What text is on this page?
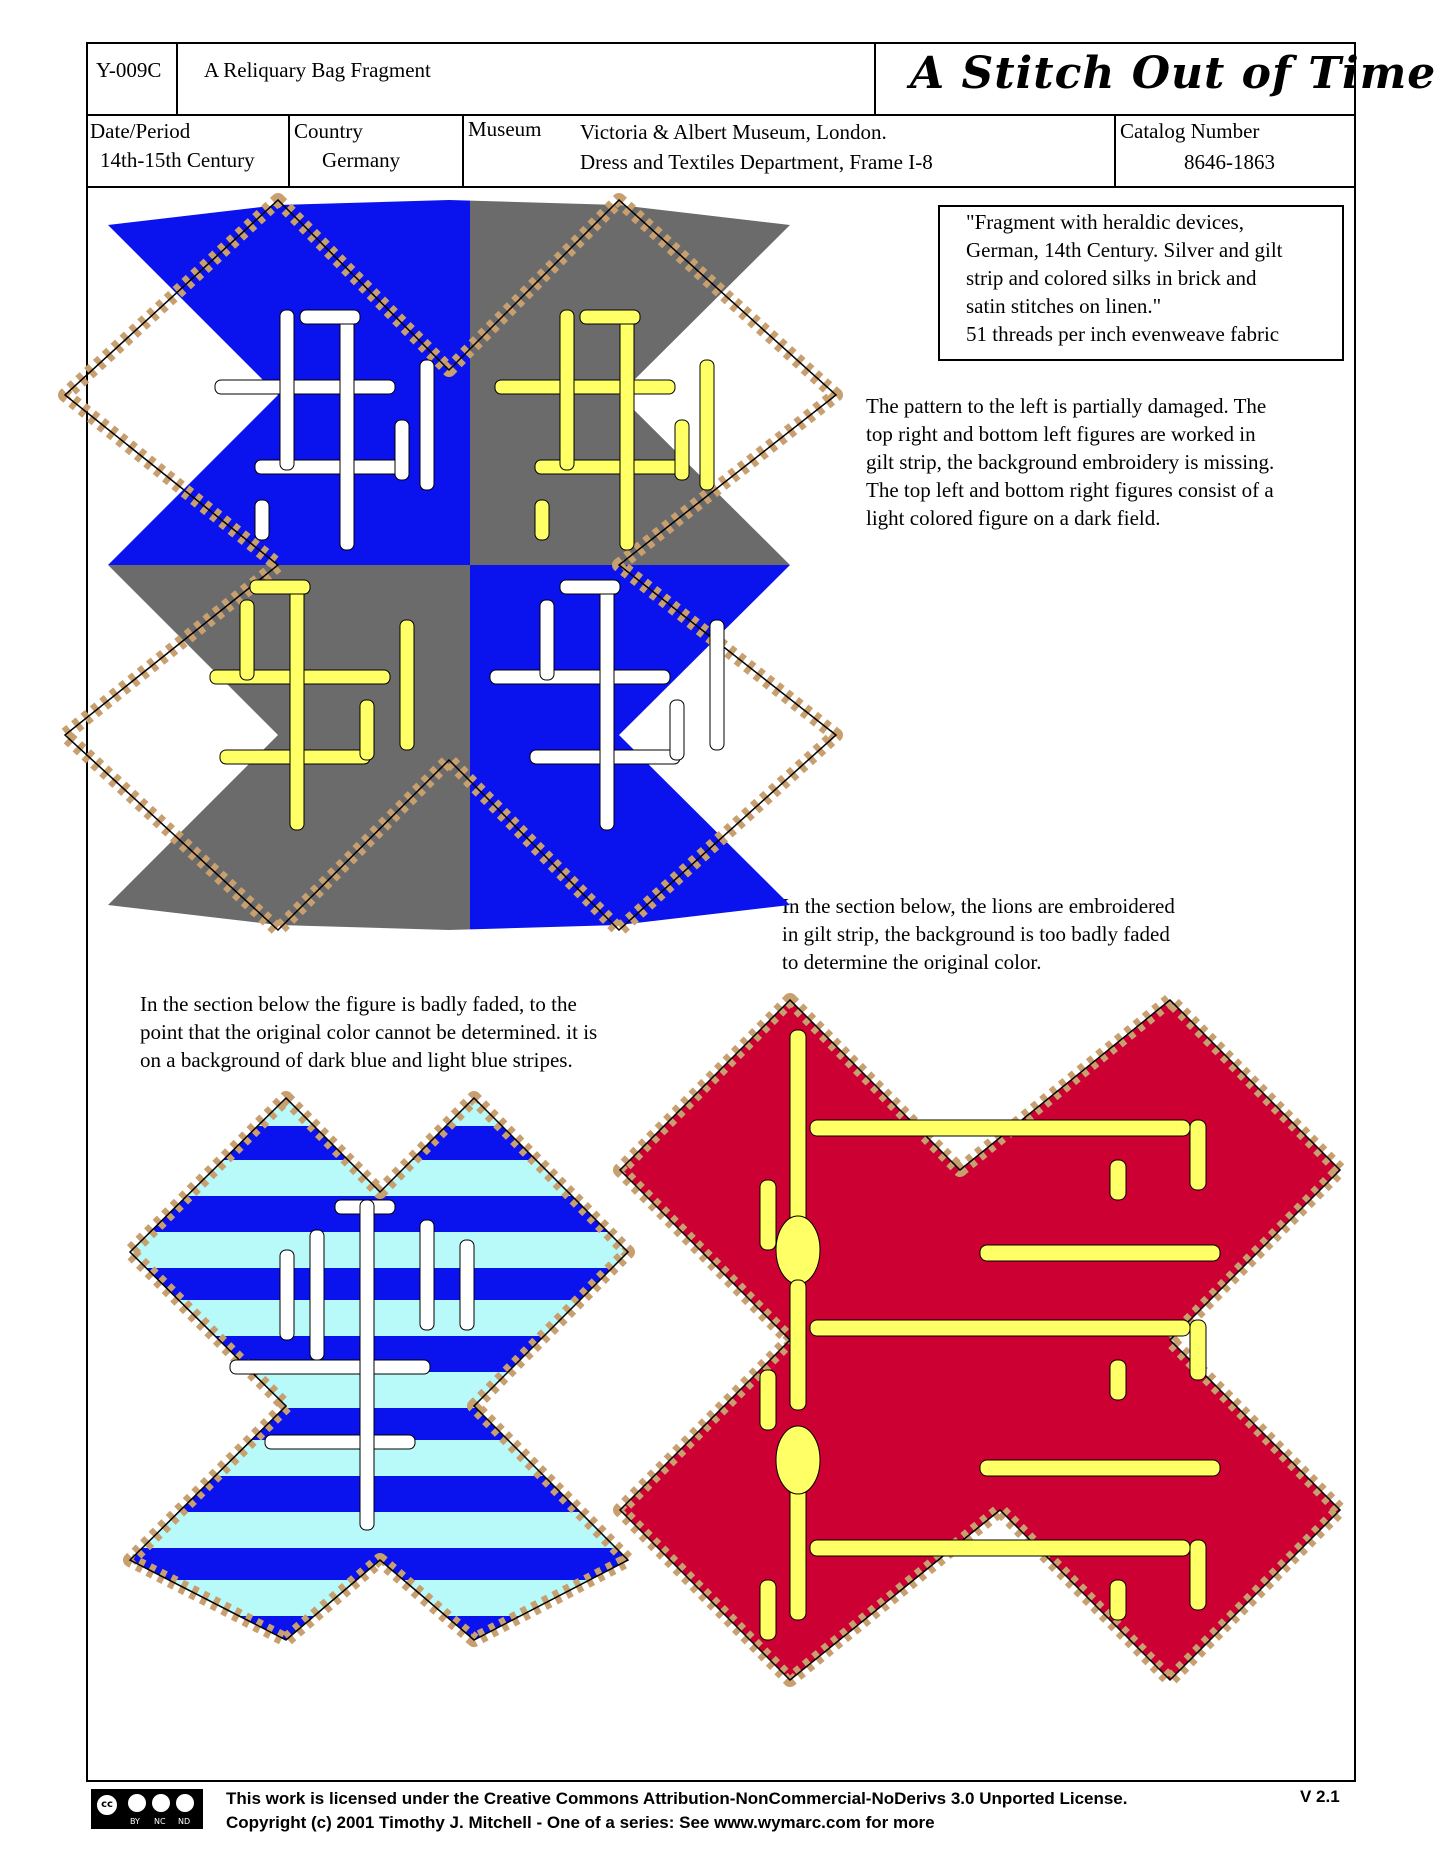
Y-009C A Reliquary Bag Fragment	A Stitch Out of Time
Date/Period
14th-15th Century
Country
Germany
Museum Victoria & Albert Museum, London.
Dress and Textiles Department, Frame I-8
Catalog Number
8646-1863
"Fragment with heraldic devices,
German, 14th Century. Silver and gilt
strip and colored silks in brick and
satin stitches on linen."
51 threads per inch evenweave fabric
The pattern to the left is partially damaged. The
top right and bottom left figures are worked in
gilt strip, the background embroidery is missing.
The top left and bottom right figures consist of a
light colored figure on a dark field.
In the section below, the lions are embroidered
in gilt strip, the background is too badly faded
to determine the original color.
In the section below the figure is badly faded, to the
point that the original color cannot be determined. it is
on a background of dark blue and light blue stripes.
cc
BY NC ND
This work is licensed under the Creative Commons Attribution-NonCommercial-NoDerivs 3.0 Unported License.
Copyright (c) 2001 Timothy J. Mitchell - One of a series: See www.wymarc.com for more
V 2.1
